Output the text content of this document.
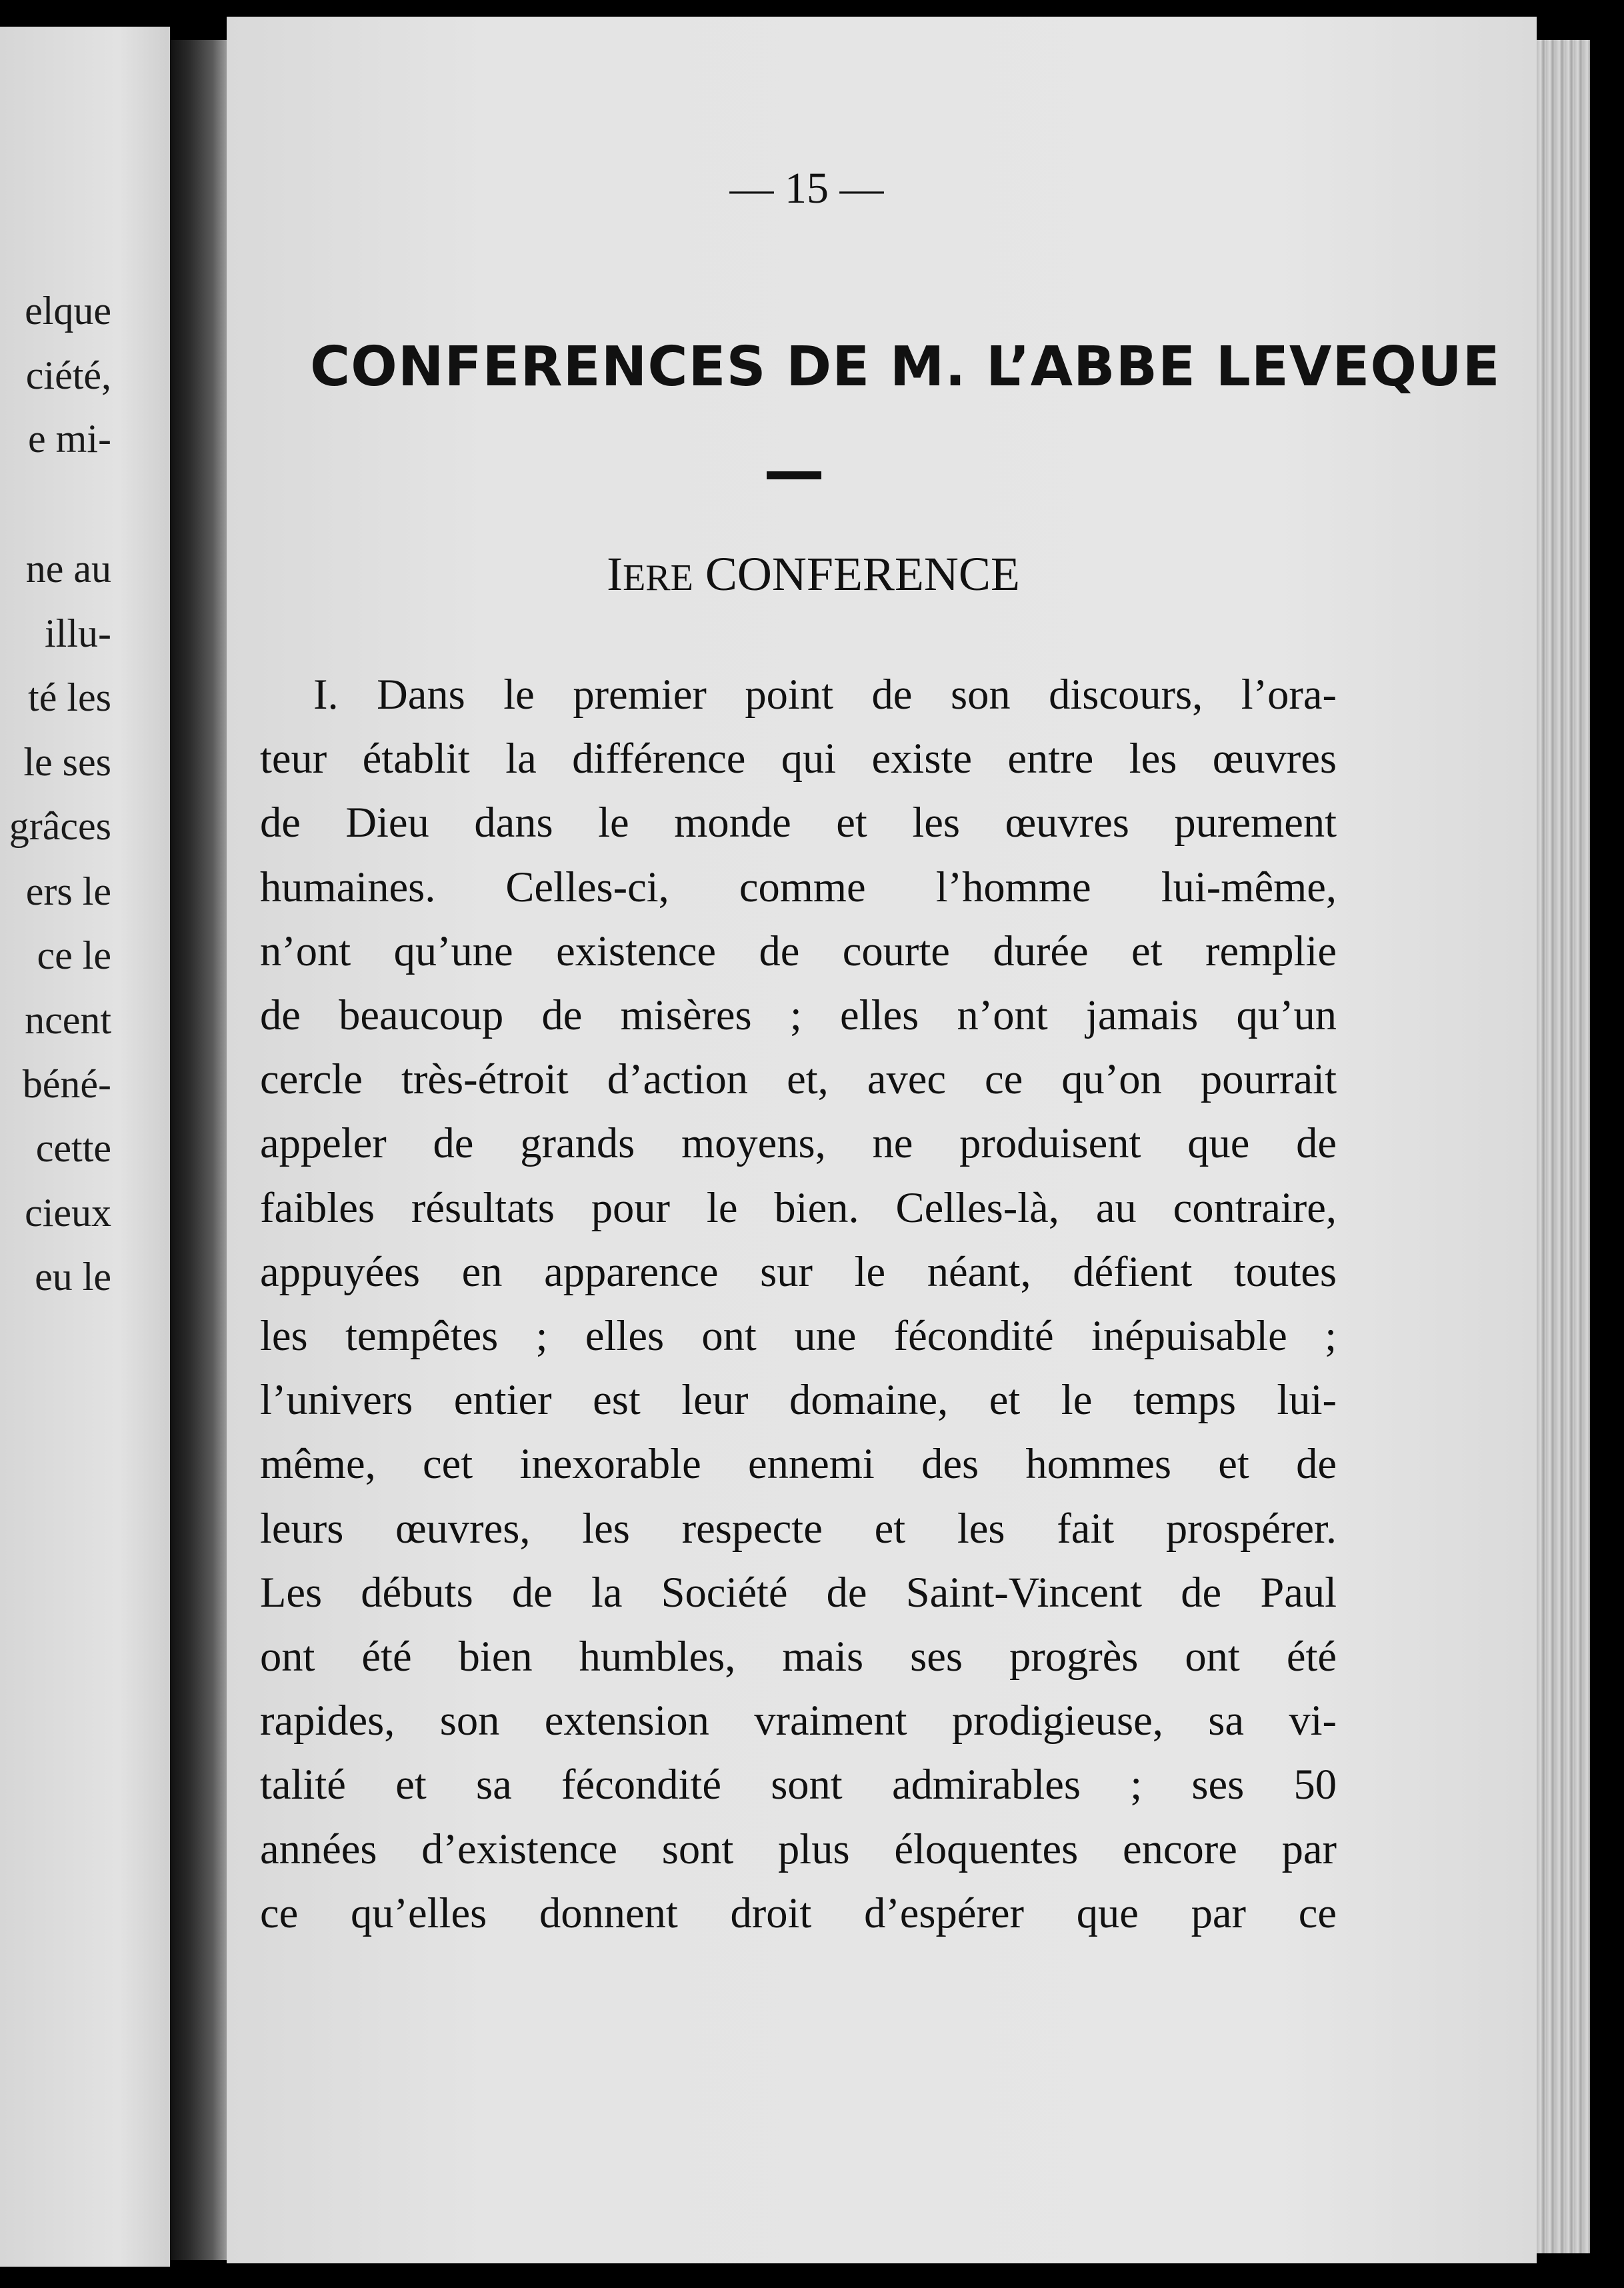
elque
ciété,
e mi-
ne au
illu-
té les
le ses
grâces
ers le
ce le
ncent
béné-
cette
cieux
eu le
— 15 —
CONFERENCES DE M. L’ABBE LEVEQUE
IERE CONFERENCE
I. Dans le premier point de son discours, l’ora-
teur établit la différence qui existe entre les œuvres
de Dieu dans le monde et les œuvres purement
humaines. Celles-ci, comme l’homme lui-même,
n’ont qu’une existence de courte durée et remplie
de beaucoup de misères ; elles n’ont jamais qu’un
cercle très-étroit d’action et, avec ce qu’on pourrait
appeler de grands moyens, ne produisent que de
faibles résultats pour le bien. Celles-là, au contraire,
appuyées en apparence sur le néant, défient toutes
les tempêtes ; elles ont une fécondité inépuisable ;
l’univers entier est leur domaine, et le temps lui-
même, cet inexorable ennemi des hommes et de
leurs œuvres, les respecte et les fait prospérer.
Les débuts de la Société de Saint-Vincent de Paul
ont été bien humbles, mais ses progrès ont été
rapides, son extension vraiment prodigieuse, sa vi-
talité et sa fécondité sont admirables ; ses 50
années d’existence sont plus éloquentes encore par
ce qu’elles donnent droit d’espérer que par ce
